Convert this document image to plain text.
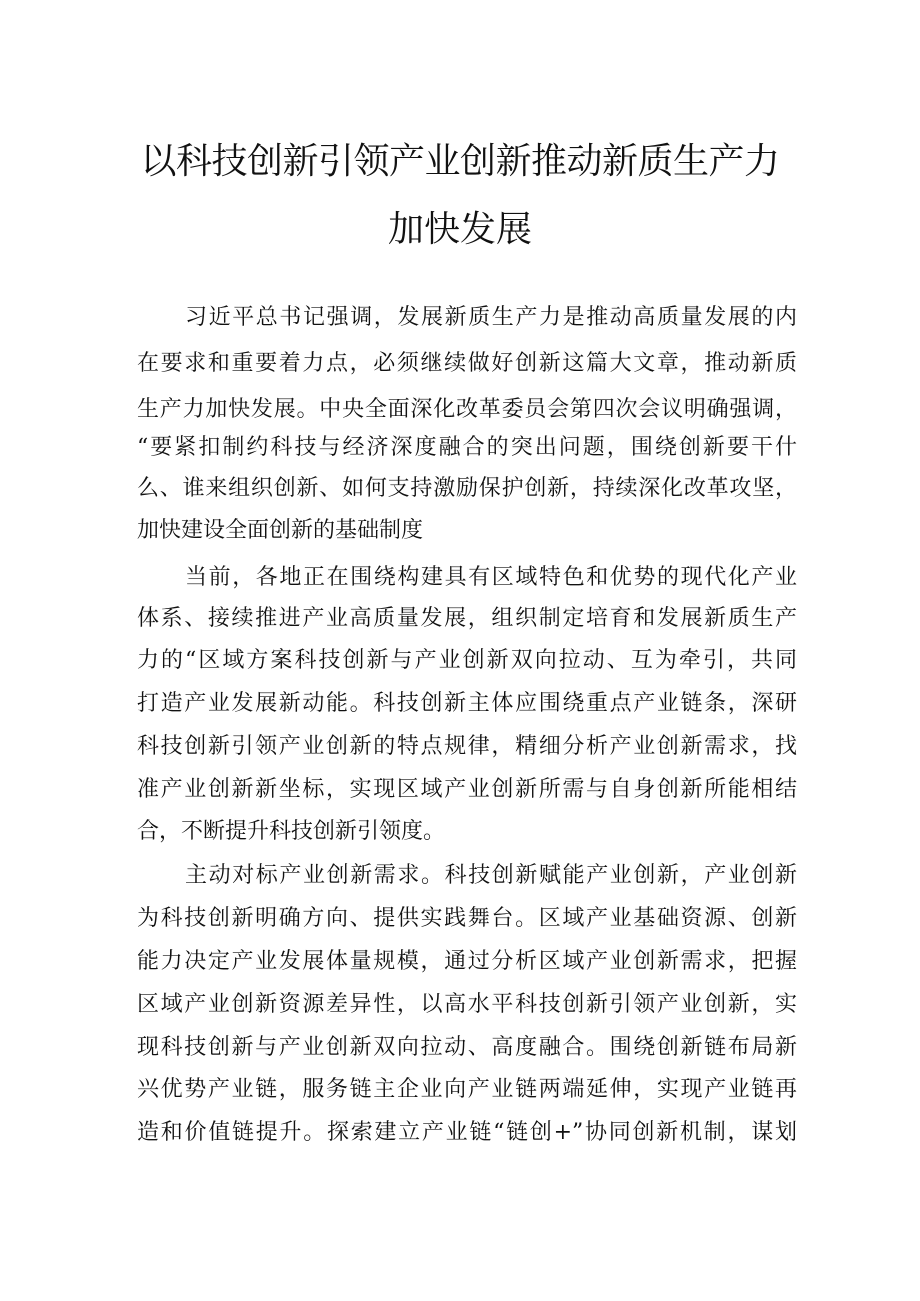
以科技创新引领产业创新推动新质生产力
加快发展
习近平总书记强调，发展新质生产力是推动高质量发展的内
在要求和重要着力点，必须继续做好创新这篇大文章，推动新质
生产力加快发展。中央全面深化改革委员会第四次会议明确强调，
“要紧扣制约科技与经济深度融合的突出问题，围绕创新要干什
么、谁来组织创新、如何支持激励保护创新，持续深化改革攻坚，
加快建设全面创新的基础制度
当前，各地正在围绕构建具有区域特色和优势的现代化产业
体系、接续推进产业高质量发展，组织制定培育和发展新质生产
力的“区域方案科技创新与产业创新双向拉动、互为牵引，共同
打造产业发展新动能。科技创新主体应围绕重点产业链条，深研
科技创新引领产业创新的特点规律，精细分析产业创新需求，找
准产业创新新坐标，实现区域产业创新所需与自身创新所能相结
合，不断提升科技创新引领度。
主动对标产业创新需求。科技创新赋能产业创新，产业创新
为科技创新明确方向、提供实践舞台。区域产业基础资源、创新
能力决定产业发展体量规模，通过分析区域产业创新需求，把握
区域产业创新资源差异性，以高水平科技创新引领产业创新，实
现科技创新与产业创新双向拉动、高度融合。围绕创新链布局新
兴优势产业链，服务链主企业向产业链两端延伸，实现产业链再
造和价值链提升。探索建立产业链“链创+”协同创新机制，谋划
